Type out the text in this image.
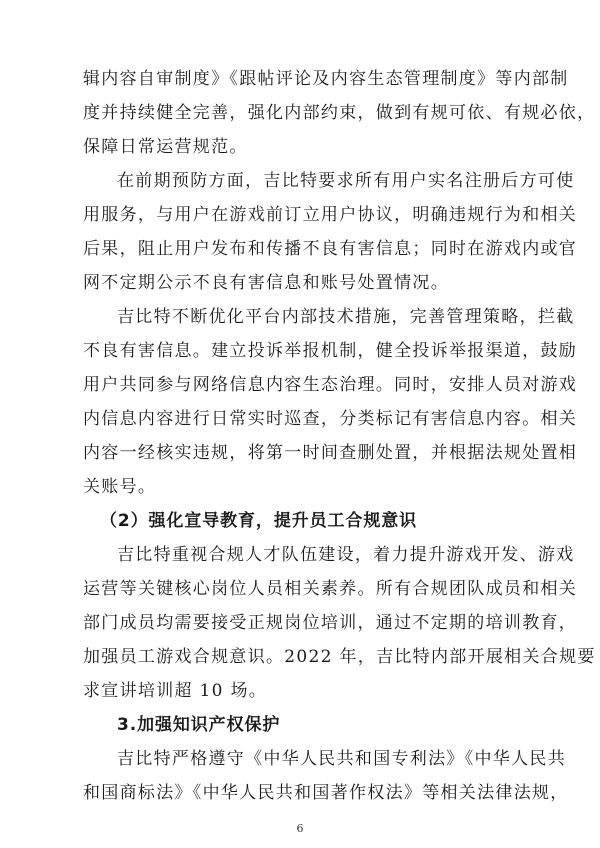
辑内容自审制度》《跟帖评论及内容生态管理制度》等内部制
度并持续健全完善，强化内部约束，做到有规可依、有规必依，
保障日常运营规范。
在前期预防方面，吉比特要求所有用户实名注册后方可使
用服务，与用户在游戏前订立用户协议，明确违规行为和相关
后果，阻止用户发布和传播不良有害信息；同时在游戏内或官
网不定期公示不良有害信息和账号处置情况。
吉比特不断优化平台内部技术措施，完善管理策略，拦截
不良有害信息。建立投诉举报机制，健全投诉举报渠道，鼓励
用户共同参与网络信息内容生态治理。同时，安排人员对游戏
内信息内容进行日常实时巡查，分类标记有害信息内容。相关
内容一经核实违规，将第一时间查删处置，并根据法规处置相
关账号。
（2）强化宣导教育，提升员工合规意识
吉比特重视合规人才队伍建设，着力提升游戏开发、游戏
运营等关键核心岗位人员相关素养。所有合规团队成员和相关
部门成员均需要接受正规岗位培训，通过不定期的培训教育，
加强员工游戏合规意识。2022 年，吉比特内部开展相关合规要
求宣讲培训超 10 场。
3.加强知识产权保护
吉比特严格遵守《中华人民共和国专利法》《中华人民共
和国商标法》《中华人民共和国著作权法》等相关法律法规，
6
